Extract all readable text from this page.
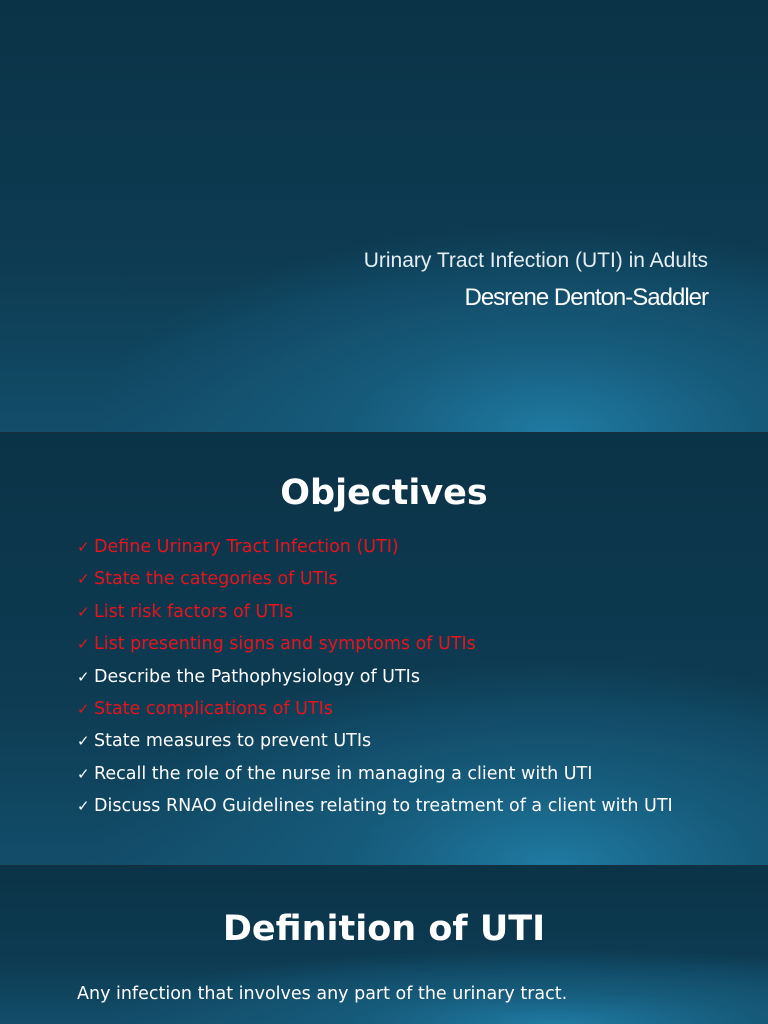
Urinary Tract Infection (UTI) in Adults
Desrene Denton-Saddler
Objectives
✓ Define Urinary Tract Infection (UTI)
✓ State the categories of UTIs
✓ List risk factors of UTIs
✓ List presenting signs and symptoms of UTIs
✓ Describe the Pathophysiology of UTIs
✓ State complications of UTIs
✓ State measures to prevent UTIs
✓ Recall the role of the nurse in managing a client with UTI
✓ Discuss RNAO Guidelines relating to treatment of a client with UTI
Definition of UTI
Any infection that involves any part of the urinary tract.
